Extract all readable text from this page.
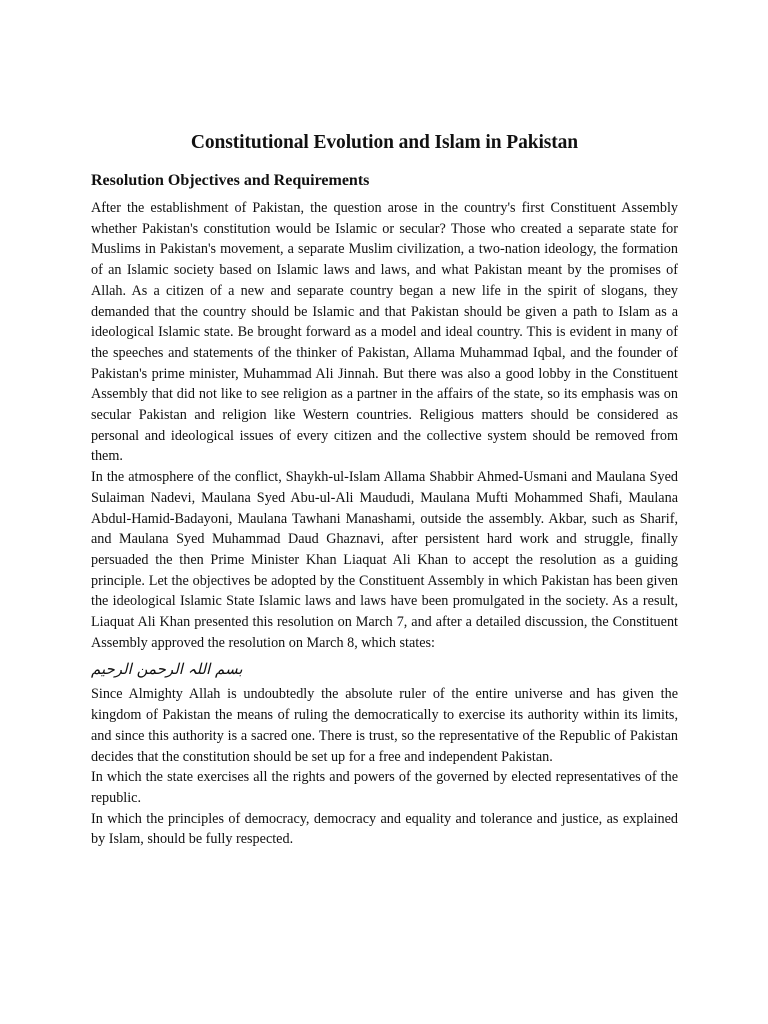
Constitutional Evolution and Islam in Pakistan
Resolution Objectives and Requirements

After the establishment of Pakistan, the question arose in the country's first Constituent Assembly whether Pakistan's constitution would be Islamic or secular? Those who created a separate state for Muslims in Pakistan's movement, a separate Muslim civilization, a two-nation ideology, the formation of an Islamic society based on Islamic laws and laws, and what Pakistan meant by the promises of Allah. As a citizen of a new and separate country began a new life in the spirit of slogans, they demanded that the country should be Islamic and that Pakistan should be given a path to Islam as a ideological Islamic state. Be brought forward as a model and ideal country. This is evident in many of the speeches and statements of the thinker of Pakistan, Allama Muhammad Iqbal, and the founder of Pakistan's prime minister, Muhammad Ali Jinnah. But there was also a good lobby in the Constituent Assembly that did not like to see religion as a partner in the affairs of the state, so its emphasis was on secular Pakistan and religion like Western countries. Religious matters should be considered as personal and ideological issues of every citizen and the collective system should be removed from them.

In the atmosphere of the conflict, Shaykh-ul-Islam Allama Shabbir Ahmed-Usmani and Maulana Syed Sulaiman Nadevi, Maulana Syed Abu-ul-Ali Maududi, Maulana Mufti Mohammed Shafi, Maulana Abdul-Hamid-Badayoni, Maulana Tawhani Manashami, outside the assembly. Akbar, such as Sharif, and Maulana Syed Muhammad Daud Ghaznavi, after persistent hard work and struggle, finally persuaded the then Prime Minister Khan Liaquat Ali Khan to accept the resolution as a guiding principle. Let the objectives be adopted by the Constituent Assembly in which Pakistan has been given the ideological Islamic State Islamic laws and laws have been promulgated in the society. As a result, Liaquat Ali Khan presented this resolution on March 7, and after a detailed discussion, the Constituent Assembly approved the resolution on March 8, which states:

بسم اللہ الرحمن الرحیم

Since Almighty Allah is undoubtedly the absolute ruler of the entire universe and has given the kingdom of Pakistan the means of ruling the democratically to exercise its authority within its limits, and since this authority is a sacred one. There is trust, so the representative of the Republic of Pakistan decides that the constitution should be set up for a free and independent Pakistan.

In which the state exercises all the rights and powers of the governed by elected representatives of the republic.

In which the principles of democracy, democracy and equality and tolerance and justice, as explained by Islam, should be fully respected.
